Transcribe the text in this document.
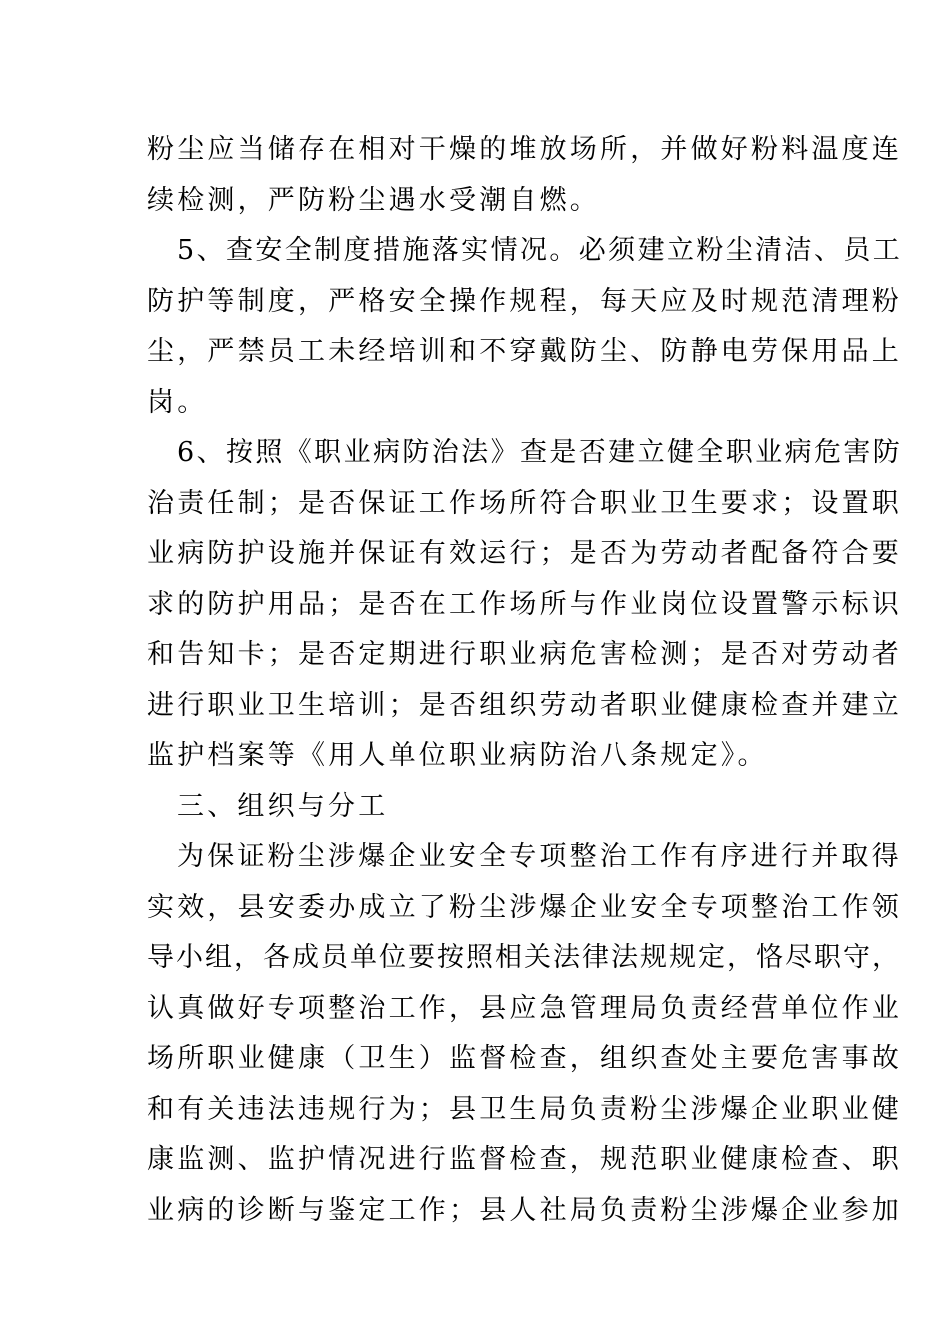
粉尘应当储存在相对干燥的堆放场所，并做好粉料温度连

续检测，严防粉尘遇水受潮自燃。

5、查安全制度措施落实情况。必须建立粉尘清洁、员工

防护等制度，严格安全操作规程，每天应及时规范清理粉

尘，严禁员工未经培训和不穿戴防尘、防静电劳保用品上

岗。

6、按照《职业病防治法》查是否建立健全职业病危害防

治责任制；是否保证工作场所符合职业卫生要求；设置职

业病防护设施并保证有效运行；是否为劳动者配备符合要

求的防护用品；是否在工作场所与作业岗位设置警示标识

和告知卡；是否定期进行职业病危害检测；是否对劳动者

进行职业卫生培训；是否组织劳动者职业健康检查并建立

监护档案等《用人单位职业病防治八条规定》。

三、组织与分工

为保证粉尘涉爆企业安全专项整治工作有序进行并取得

实效，县安委办成立了粉尘涉爆企业安全专项整治工作领

导小组，各成员单位要按照相关法律法规规定，恪尽职守，

认真做好专项整治工作，县应急管理局负责经营单位作业

场所职业健康（卫生）监督检查，组织查处主要危害事故

和有关违法违规行为；县卫生局负责粉尘涉爆企业职业健

康监测、监护情况进行监督检查，规范职业健康检查、职

业病的诊断与鉴定工作；县人社局负责粉尘涉爆企业参加
